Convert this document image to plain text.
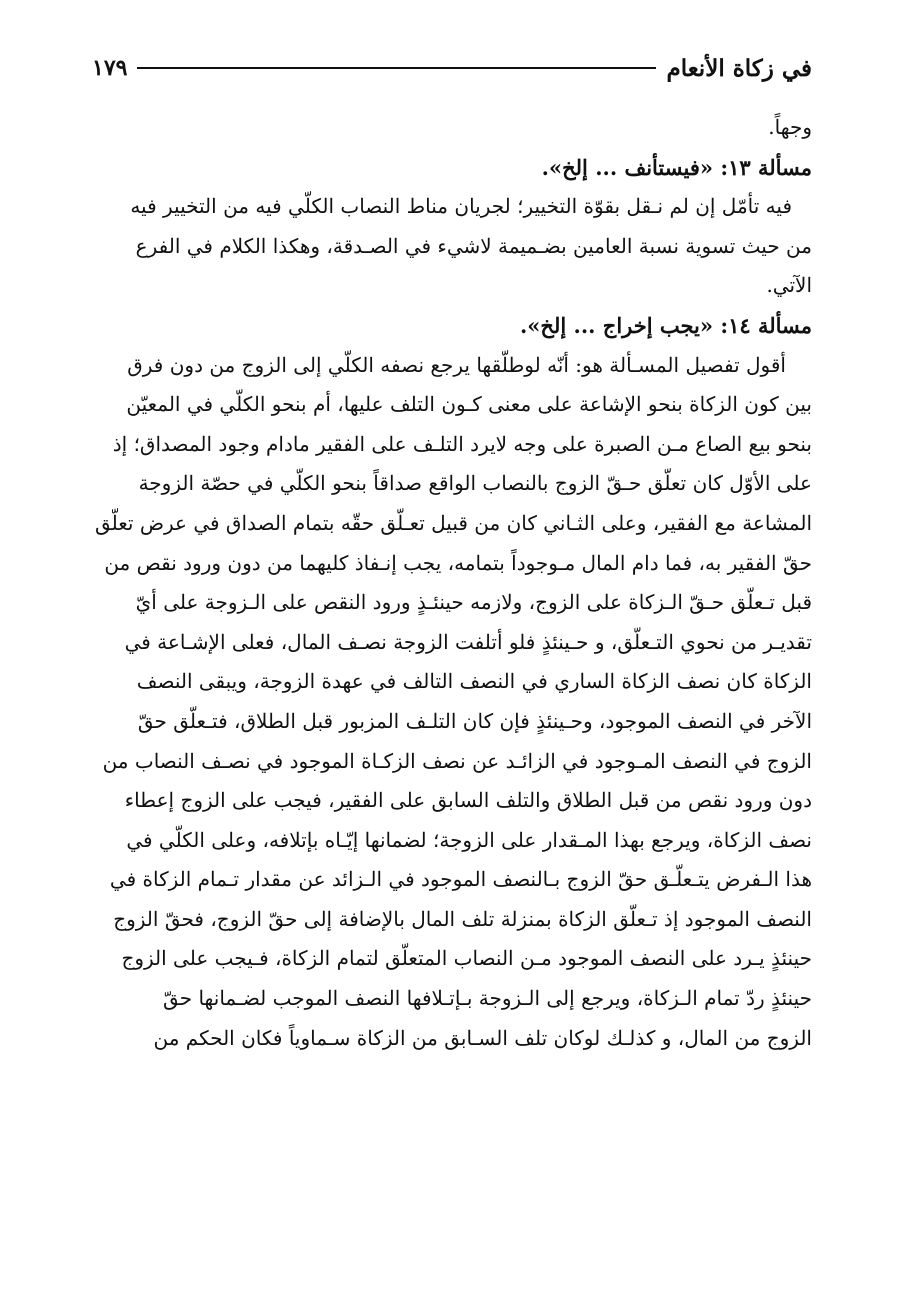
في زكاة الأنعام
١٧٩
وجهاً.
مسألة ١٣: «فيستأنف ... إلخ».
فيه تأمّل إن لم نـقل بقوّة التخيير؛ لجريان مناط النصاب الكلّي فيه من التخيير فيه
من حيث تسوية نسبة العامين بضـميمة لاشيء في الصـدقة، وهكذا الكلام في الفرع
الآتي.
مسألة ١٤: «يجب إخراج ... إلخ».
أقول تفصيل المسـألة هو: أنّه لوطلّقها يرجع نصفه الكلّي إلى الزوج من دون فرق
بين كون الزكاة بنحو الإشاعة على معنى كـون التلف عليها، أم بنحو الكلّي في المعيّن
بنحو بيع الصاع مـن الصبرة على وجه لايرد التلـف على الفقير مادام وجود المصداق؛ إذ
على الأوّل كان تعلّق حـقّ الزوج بالنصاب الواقع صداقاً بنحو الكلّي في حصّة الزوجة
المشاعة مع الفقير، وعلى الثـاني كان من قبيل تعـلّق حقّه بتمام الصداق في عرض تعلّق
حقّ الفقير به، فما دام المال مـوجوداً بتمامه، يجب إنـفاذ كليهما من دون ورود نقص من
قبل تـعلّق حـقّ الـزكاة على الزوج، ولازمه حينئـذٍ ورود النقص على الـزوجة على أيّ
تقديـر من نحوي التـعلّق، و حـينئذٍ فلو أتلفت الزوجة نصـف المال، فعلى الإشـاعة في
الزكاة كان نصف الزكاة الساري في النصف التالف في عهدة الزوجة، ويبقى النصف
الآخر في النصف الموجود، وحـينئذٍ فإن كان التلـف المزبور قبل الطلاق، فتـعلّق حقّ
الزوج في النصف المـوجود في الزائـد عن نصف الزكـاة الموجود في نصـف النصاب من
دون ورود نقص من قبل الطلاق والتلف السابق على الفقير، فيجب على الزوج إعطاء
نصف الزكاة، ويرجع بهذا المـقدار على الزوجة؛ لضمانها إيّـاه بإتلافه، وعلى الكلّي في
هذا الـفرض يتـعلّـق حقّ الزوج بـالنصف الموجود في الـزائد عن مقدار تـمام الزكاة في
النصف الموجود إذ تـعلّق الزكاة بمنزلة تلف المال بالإضافة إلى حقّ الزوج، فحقّ الزوج
حينئذٍ يـرد على النصف الموجود مـن النصاب المتعلّق لتمام الزكاة، فـيجب على الزوج
حينئذٍ ردّ تمام الـزكاة، ويرجع إلى الـزوجة بـإتـلافها النصف الموجب لضـمانها حقّ
الزوج من المال، و كذلـك لوكان تلف السـابق من الزكاة سـماوياً فكان الحكم من
